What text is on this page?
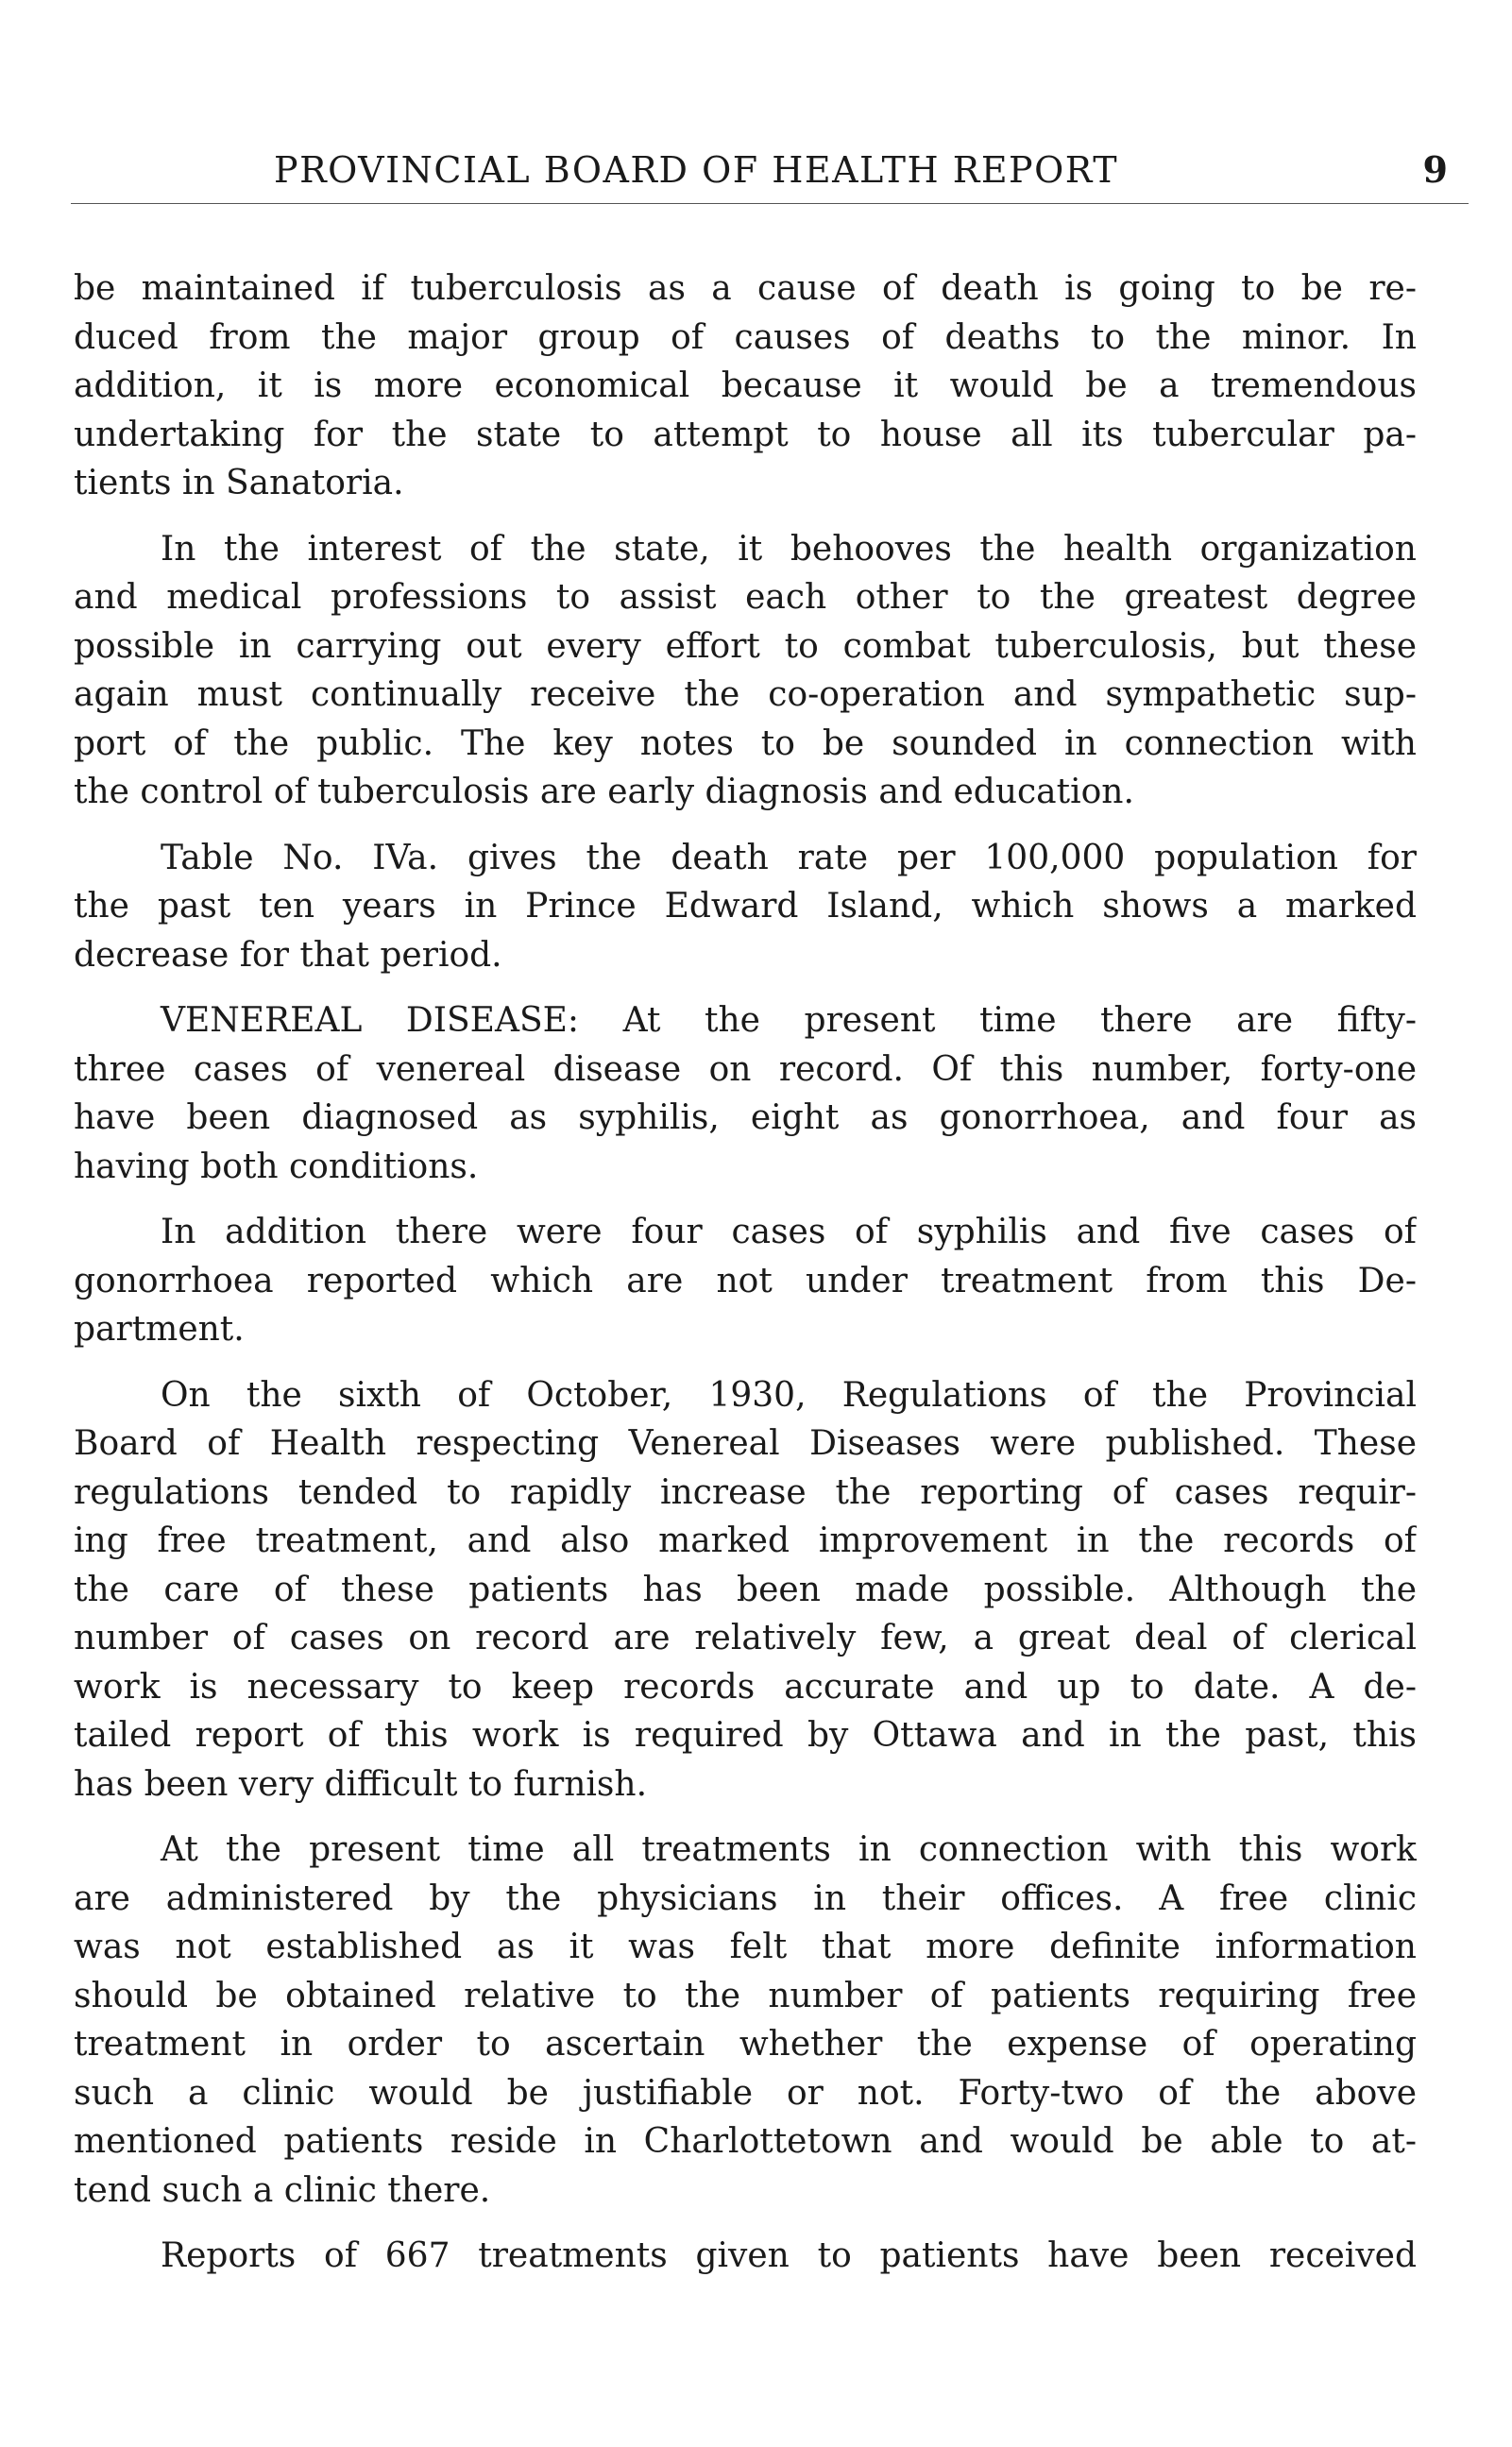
PROVINCIAL BOARD OF HEALTH REPORT	9
be maintained if tuberculosis as a cause of death is going to be re-
duced from the major group of causes of deaths to the minor. In
addition, it is more economical because it would be a tremendous
undertaking for the state to attempt to house all its tubercular pa-
tients in Sanatoria.
In the interest of the state, it behooves the health organization
and medical professions to assist each other to the greatest degree
possible in carrying out every effort to combat tuberculosis, but these
again must continually receive the co-operation and sympathetic sup-
port of the public. The key notes to be sounded in connection with
the control of tuberculosis are early diagnosis and education.
Table No. IVa. gives the death rate per 100,000 population for
the past ten years in Prince Edward Island, which shows a marked
decrease for that period.
VENEREAL DISEASE: At the present time there are fifty-
three cases of venereal disease on record. Of this number, forty-one
have been diagnosed as syphilis, eight as gonorrhoea, and four as
having both conditions.
In addition there were four cases of syphilis and five cases of
gonorrhoea reported which are not under treatment from this De-
partment.
On the sixth of October, 1930, Regulations of the Provincial
Board of Health respecting Venereal Diseases were published. These
regulations tended to rapidly increase the reporting of cases requir-
ing free treatment, and also marked improvement in the records of
the care of these patients has been made possible. Although the
number of cases on record are relatively few, a great deal of clerical
work is necessary to keep records accurate and up to date. A de-
tailed report of this work is required by Ottawa and in the past, this
has been very difficult to furnish.
At the present time all treatments in connection with this work
are administered by the physicians in their offices. A free clinic
was not established as it was felt that more definite information
should be obtained relative to the number of patients requiring free
treatment in order to ascertain whether the expense of operating
such a clinic would be justifiable or not. Forty-two of the above
mentioned patients reside in Charlottetown and would be able to at-
tend such a clinic there.
Reports of 667 treatments given to patients have been received
